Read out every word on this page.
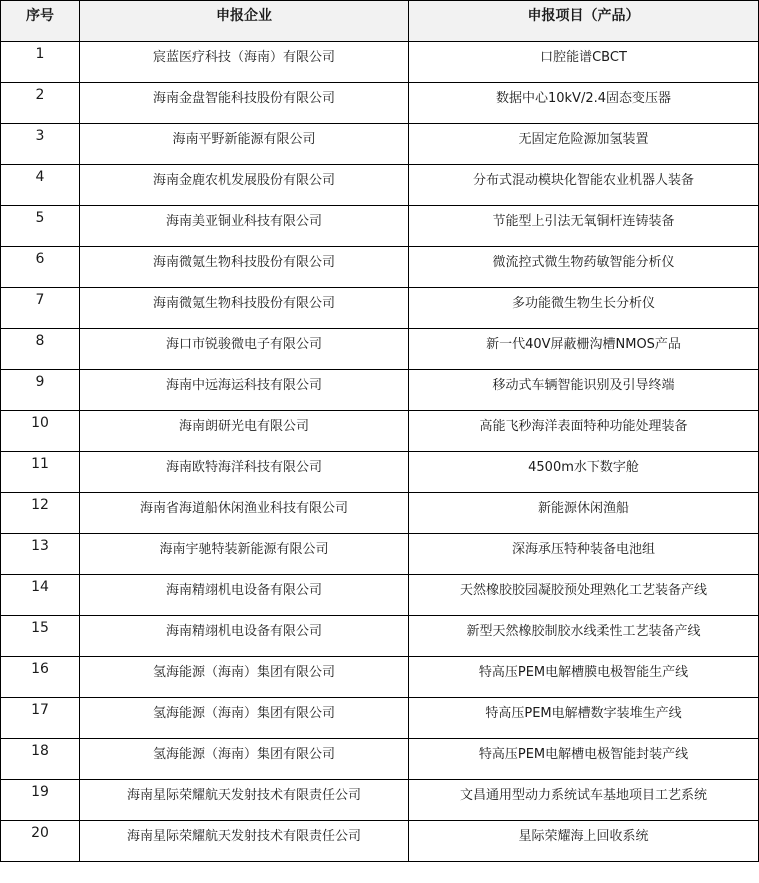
序号	申报企业	申报项目（产品）
1	宸蓝医疗科技（海南）有限公司	口腔能谱CBCT
2	海南金盘智能科技股份有限公司	数据中心10kV/2.4固态变压器
3	海南平野新能源有限公司	无固定危险源加氢装置
4	海南金鹿农机发展股份有限公司	分布式混动模块化智能农业机器人装备
5	海南美亚铜业科技有限公司	节能型上引法无氧铜杆连铸装备
6	海南微氪生物科技股份有限公司	微流控式微生物药敏智能分析仪
7	海南微氪生物科技股份有限公司	多功能微生物生长分析仪
8	海口市锐骏微电子有限公司	新一代40V屏蔽栅沟槽NMOS产品
9	海南中远海运科技有限公司	移动式车辆智能识别及引导终端
10	海南朗研光电有限公司	高能飞秒海洋表面特种功能处理装备
11	海南欧特海洋科技有限公司	4500m水下数字舱
12	海南省海道船休闲渔业科技有限公司	新能源休闲渔船
13	海南宇驰特装新能源有限公司	深海承压特种装备电池组
14	海南精翊机电设备有限公司	天然橡胶胶园凝胶预处理熟化工艺装备产线
15	海南精翊机电设备有限公司	新型天然橡胶制胶水线柔性工艺装备产线
16	氢海能源（海南）集团有限公司	特高压PEM电解槽膜电极智能生产线
17	氢海能源（海南）集团有限公司	特高压PEM电解槽数字装堆生产线
18	氢海能源（海南）集团有限公司	特高压PEM电解槽电极智能封装产线
19	海南星际荣耀航天发射技术有限责任公司	文昌通用型动力系统试车基地项目工艺系统
20	海南星际荣耀航天发射技术有限责任公司	星际荣耀海上回收系统
